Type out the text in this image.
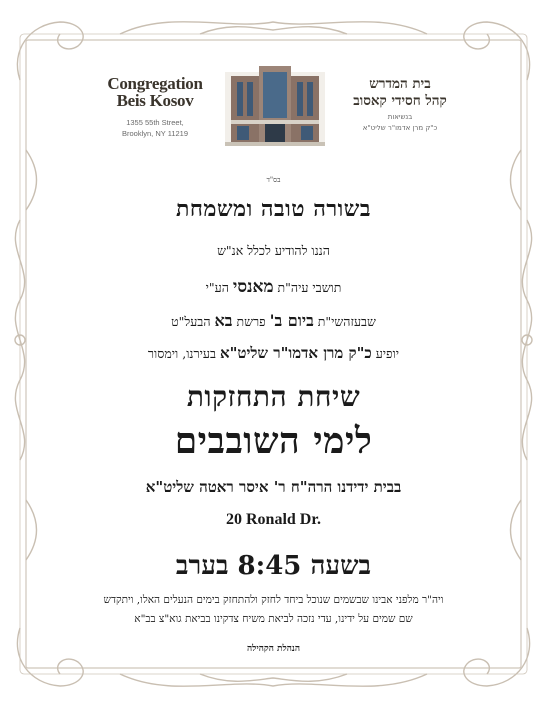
Congregation
Beis Kosov
1355 55th Street,
Brooklyn, NY 11219
בית המדרש
קהל חסידי קאסוב
בנשיאות
כ"ק מרן אדמו"ר שליט"א
בס"ד
בשורה טובה ומשמחת
הננו להודיע לכלל אנ"ש
תושבי עיה"ת מאנסי הע"י
שבעזהשי"ת ביום ב' פרשת בא הבעל"ט
יופיע כ"ק מרן אדמו"ר שליט"א בעירנו, וימסור
שיחת התחזקות
לימי השובבים
בבית ידידנו הרה"ח ר' איסר ראטה שליט"א
20 Ronald Dr.
בשעה 8:45 בערב
ויה"ר מלפני אבינו שבשמים שנוכל ביחד לחזק ולהתחזק בימים הנעלים האלו, ויתקדש
שם שמים על ידינו, עדי נזכה לביאת משיח צדקינו בביאת גוא"צ בב"א
הנהלת הקהילה
